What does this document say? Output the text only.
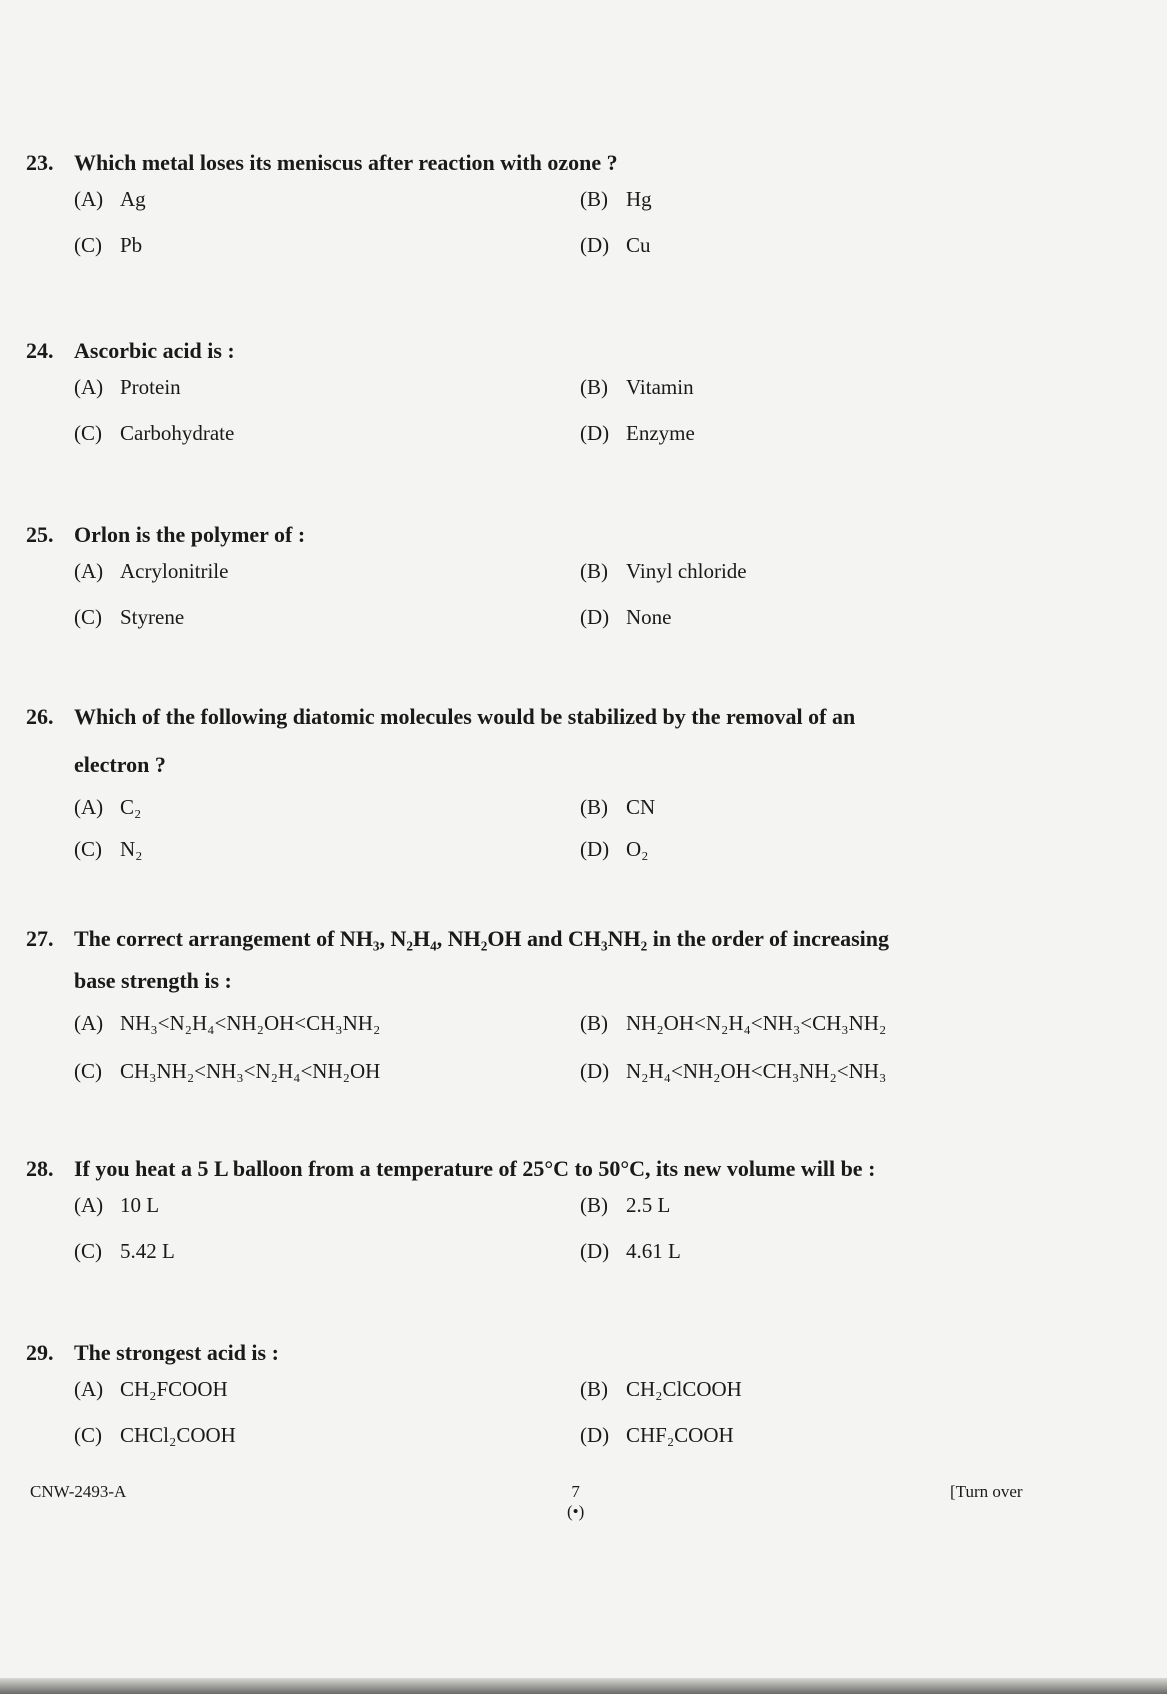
23. Which metal loses its meniscus after reaction with ozone ?
(A) Ag	(B) Hg
(C) Pb	(D) Cu
24. Ascorbic acid is :
(A) Protein	(B) Vitamin
(C) Carbohydrate	(D) Enzyme
25. Orlon is the polymer of :
(A) Acrylonitrile	(B) Vinyl chloride
(C) Styrene	(D) None
26. Which of the following diatomic molecules would be stabilized by the removal of an
electron ?
(A) C₂	(B) CN
(C) N₂	(D) O₂
27. The correct arrangement of NH₃, N₂H₄, NH₂OH and CH₃NH₂ in the order of increasing
base strength is :
(A) NH₃<N₂H₄<NH₂OH<CH₃NH₂	(B) NH₂OH<N₂H₄<NH₃<CH₃NH₂
(C) CH₃NH₂<NH₃<N₂H₄<NH₂OH	(D) N₂H₄<NH₂OH<CH₃NH₂<NH₃
28. If you heat a 5 L balloon from a temperature of 25°C to 50°C, its new volume will be :
(A) 10 L	(B) 2.5 L
(C) 5.42 L	(D) 4.61 L
29. The strongest acid is :
(A) CH₂FCOOH	(B) CH₂ClCOOH
(C) CHCl₂COOH	(D) CHF₂COOH
CNW-2493-A	7
(•)
[Turn over
